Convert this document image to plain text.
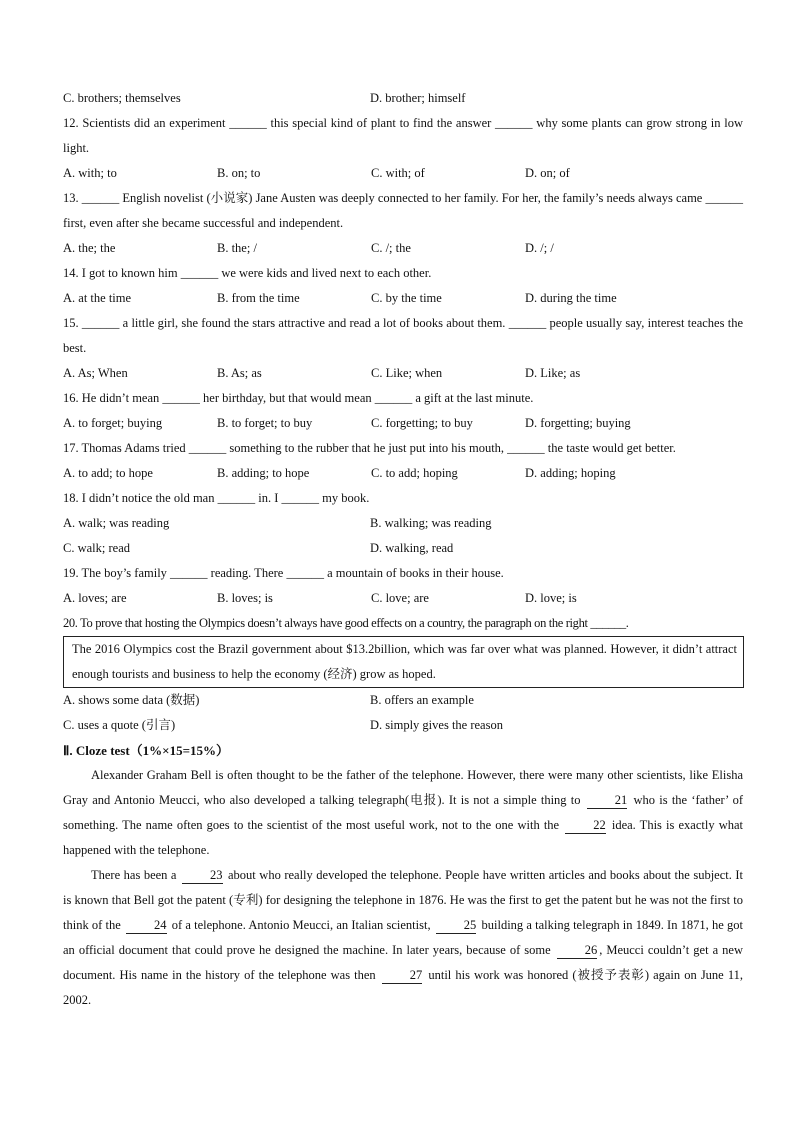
C. brothers; themselves	D. brother; himself
12. Scientists did an experiment ______ this special kind of plant to find the answer ______ why some plants can grow strong in low light.
A. with; to	B. on; to	C. with; of	D. on; of
13. ______ English novelist (小说家) Jane Austen was deeply connected to her family. For her, the family’s needs always came ______ first, even after she became successful and independent.
A. the; the	B. the; /	C. /; the	D. /; /
14. I got to known him ______ we were kids and lived next to each other.
A. at the time	B. from the time	C. by the time	D. during the time
15. ______ a little girl, she found the stars attractive and read a lot of books about them. ______ people usually say, interest teaches the best.
A. As; When	B. As; as	C. Like; when	D. Like; as
16. He didn’t mean ______ her birthday, but that would mean ______ a gift at the last minute.
A. to forget; buying	B. to forget; to buy	C. forgetting; to buy	D. forgetting; buying
17. Thomas Adams tried ______ something to the rubber that he just put into his mouth, ______ the taste would get better.
A. to add; to hope	B. adding; to hope	C. to add; hoping	D. adding; hoping
18. I didn’t notice the old man ______ in. I ______ my book.
A. walk; was reading	B. walking; was reading
C. walk; read	D. walking, read
19. The boy’s family ______ reading. There ______ a mountain of books in their house.
A. loves; are	B. loves; is	C. love; are	D. love; is
20. To prove that hosting the Olympics doesn’t always have good effects on a country, the paragraph on the right ______.
The 2016 Olympics cost the Brazil government about $13.2billion, which was far over what was planned. However, it didn’t attract enough tourists and business to help the economy (经济) grow as hoped.
A. shows some data (数据)	B. offers an example
C. uses a quote (引言)	D. simply gives the reason
Ⅱ. Cloze test（1%×15=15%）
Alexander Graham Bell is often thought to be the father of the telephone. However, there were many other scientists, like Elisha Gray and Antonio Meucci, who also developed a talking telegraph(电报). It is not a simple thing to 21 who is the ‘father’ of something. The name often goes to the scientist of the most useful work, not to the one with the 22 idea. This is exactly what happened with the telephone.
There has been a 23 about who really developed the telephone. People have written articles and books about the subject. It is known that Bell got the patent (专利) for designing the telephone in 1876. He was the first to get the patent but he was not the first to think of the 24 of a telephone. Antonio Meucci, an Italian scientist, 25 building a talking telegraph in 1849. In 1871, he got an official document that could prove he designed the machine. In later years, because of some 26 , Meucci couldn’t get a new document. His name in the history of the telephone was then 27 until his work was honored (被授予表彰) again on June 11, 2002.
